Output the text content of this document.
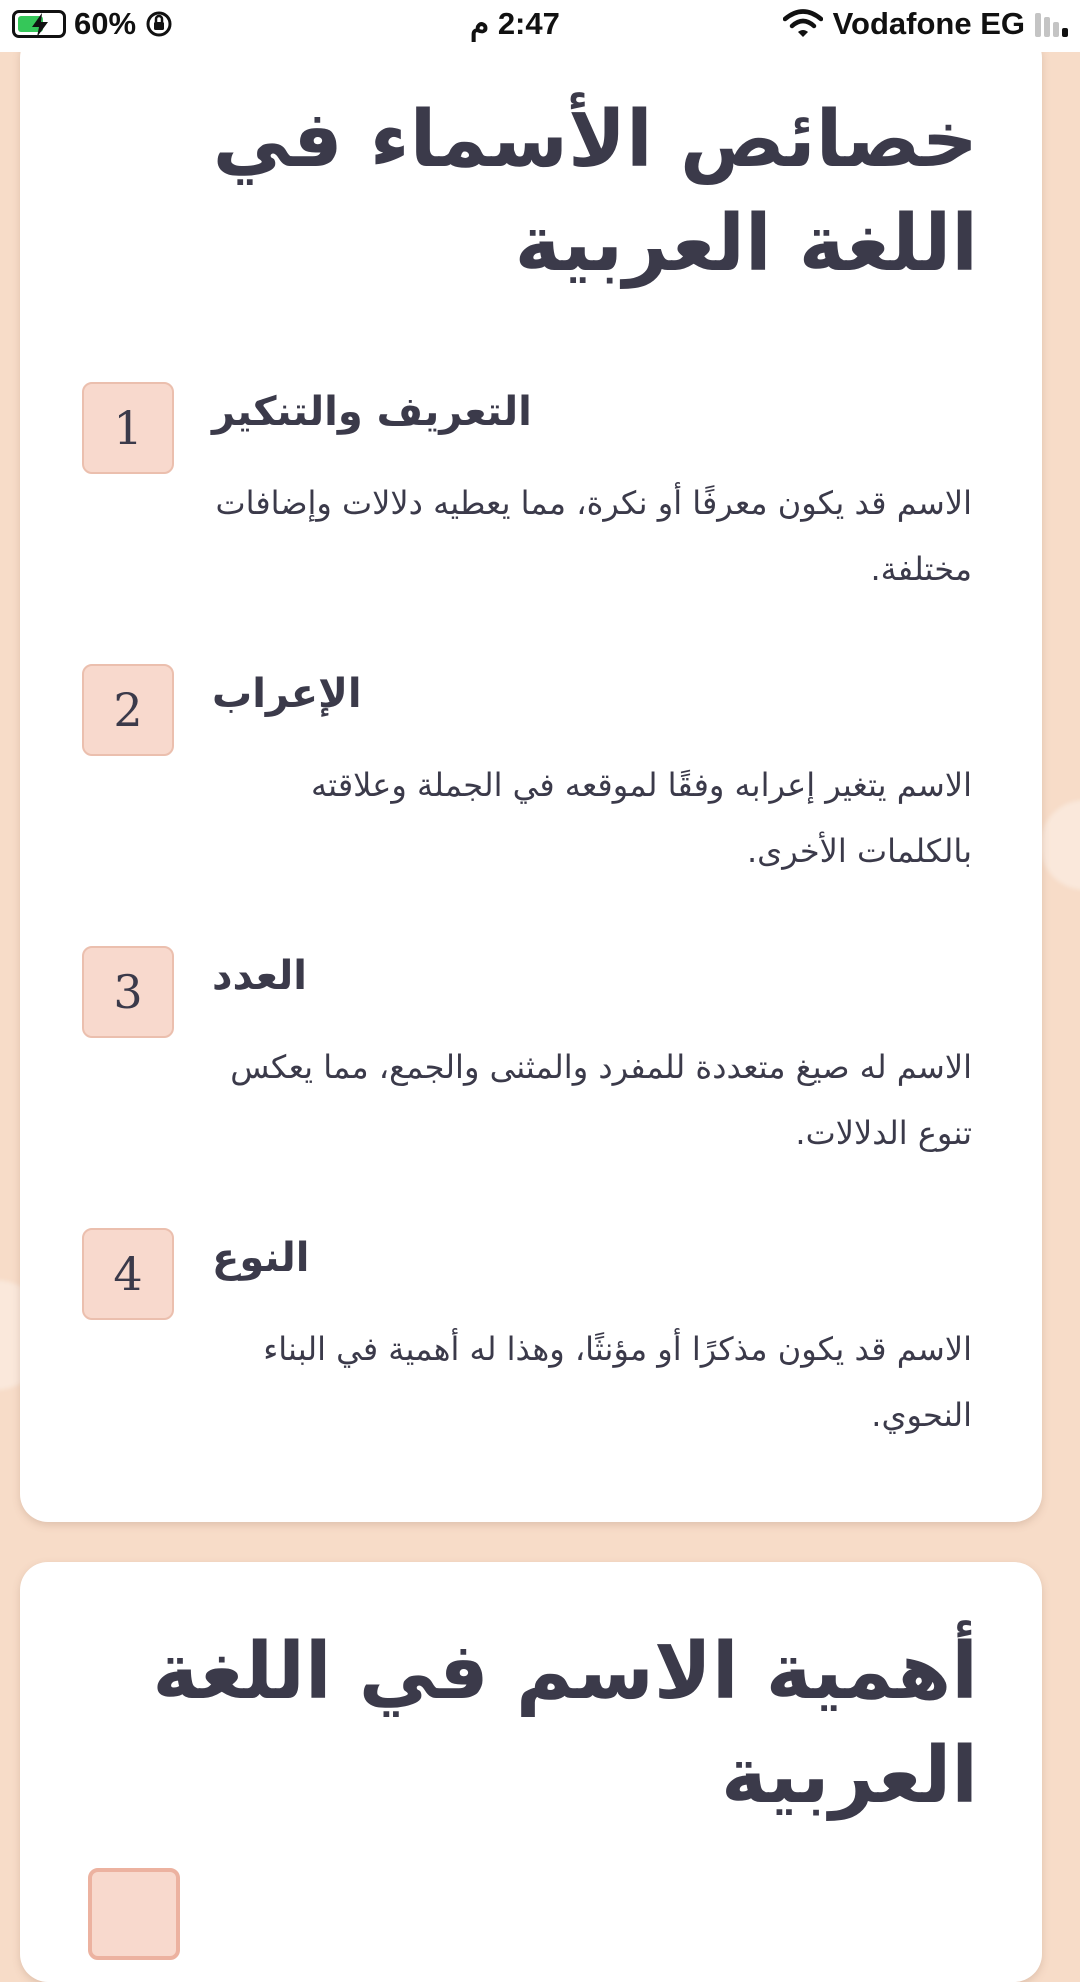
60%	2:47 م	Vodafone EG
خصائص الأسماء في اللغة العربية
1	التعريف والتنكير
الاسم قد يكون معرفًا أو نكرة، مما يعطيه دلالات وإضافات مختلفة.
2	الإعراب
الاسم يتغير إعرابه وفقًا لموقعه في الجملة وعلاقته بالكلمات الأخرى.
3	العدد
الاسم له صيغ متعددة للمفرد والمثنى والجمع، مما يعكس تنوع الدلالات.
4	النوع
الاسم قد يكون مذكرًا أو مؤنثًا، وهذا له أهمية في البناء النحوي.
أهمية الاسم في اللغة العربية
